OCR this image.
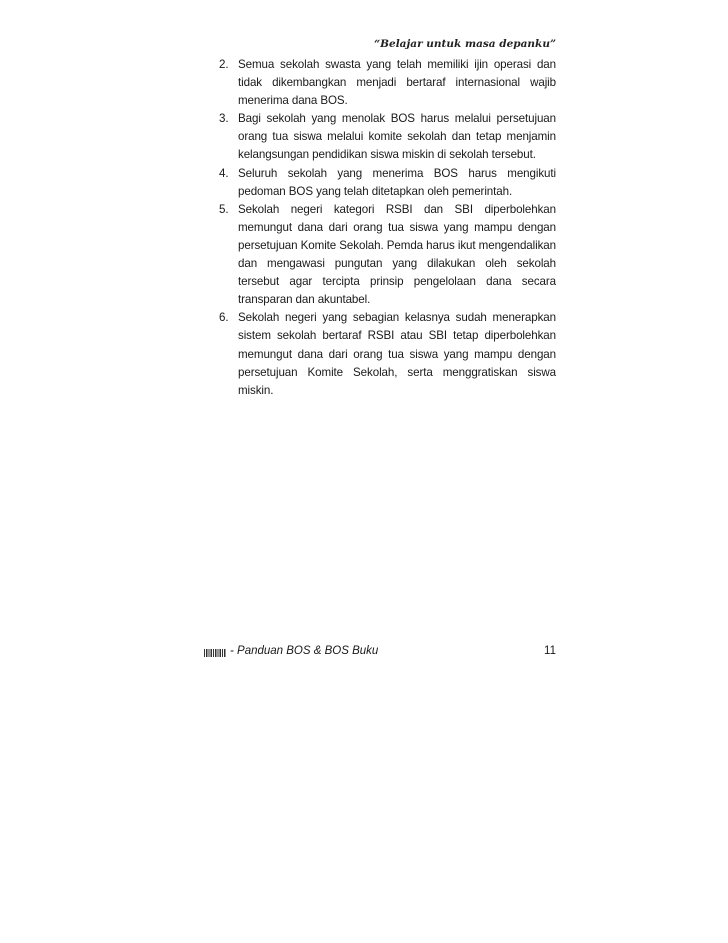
“Belajar untuk masa depanku”
2. Semua sekolah swasta yang telah memiliki ijin operasi dan tidak dikembangkan menjadi bertaraf internasional wajib menerima dana BOS.
3. Bagi sekolah yang menolak BOS harus melalui persetujuan orang tua siswa melalui komite sekolah dan tetap menjamin kelangsungan pendidikan siswa miskin di sekolah tersebut.
4. Seluruh sekolah yang menerima BOS harus mengikuti pedoman BOS yang telah ditetapkan oleh pemerintah.
5. Sekolah negeri kategori RSBI dan SBI diperbolehkan memungut dana dari orang tua siswa yang mampu dengan persetujuan Komite Sekolah. Pemda harus ikut mengendalikan dan mengawasi pungutan yang dilakukan oleh sekolah tersebut agar tercipta prinsip pengelolaan dana secara transparan dan akuntabel.
6. Sekolah negeri yang sebagian kelasnya sudah menerapkan sistem sekolah bertaraf RSBI atau SBI tetap diperbolehkan memungut dana dari orang tua siswa yang mampu dengan persetujuan Komite Sekolah, serta menggratiskan siswa miskin.
- Panduan BOS & BOS Buku	11
